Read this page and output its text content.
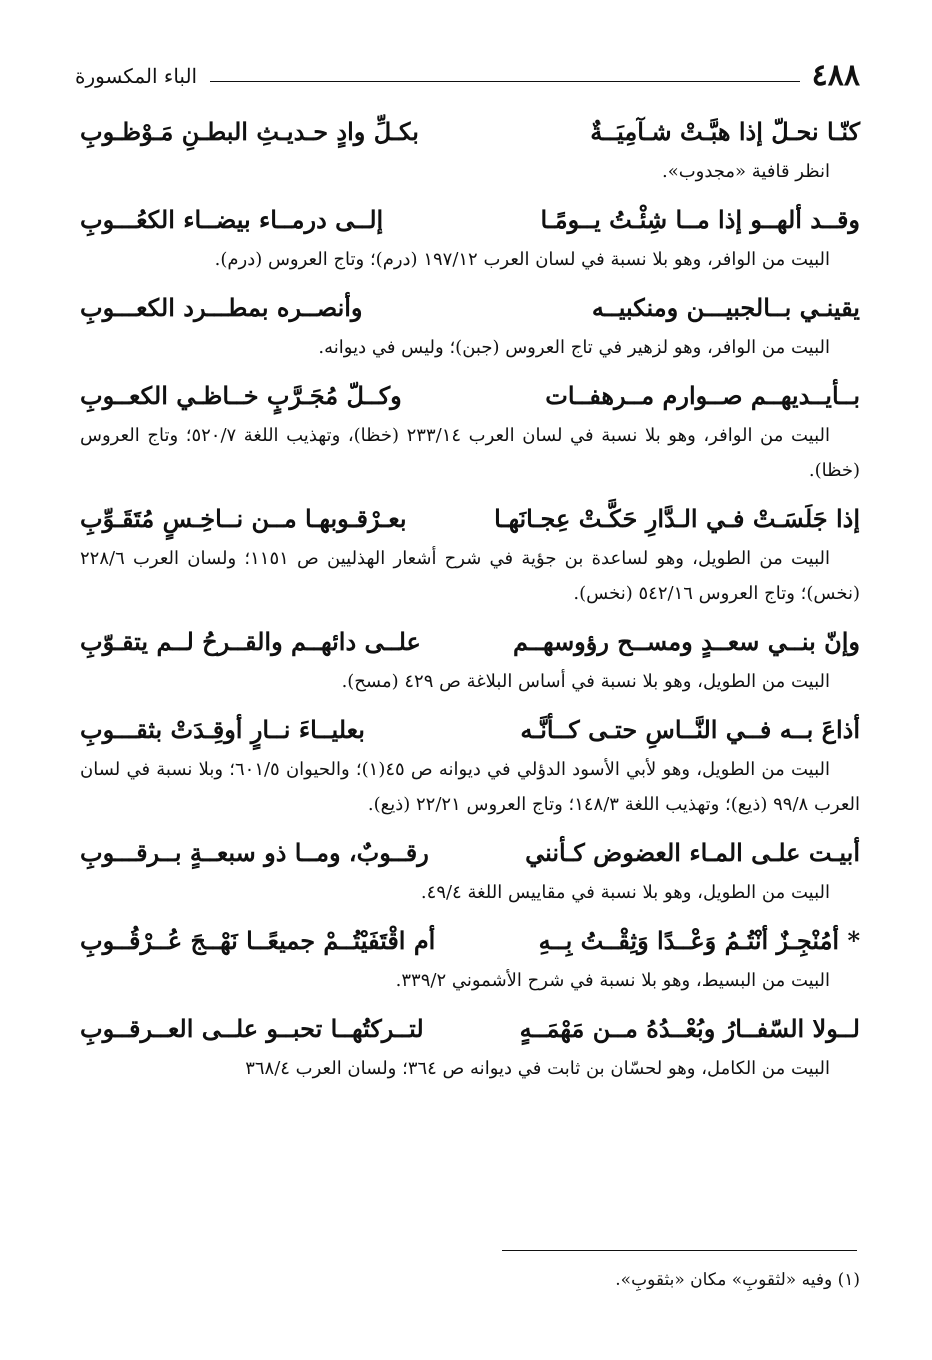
٤٨٨
الباء المكسورة
كنّـا نحـلّ إذا هبَّـتْ شـآمِيَــةٌ
بكـلِّ وادٍ حـديـثِ البطـنِ مَـوْظـوبِ

انظر قافية «مجدوب».

وقــد ألهــو إذا مــا شِئْـتُ يــومًـا
إلــى درمــاء بيضــاء الكعُـــوبِ

البيت من الوافر، وهو بلا نسبة في لسان العرب ١٩٧/١٢ (درم)؛ وتاج العروس (درم).

يقينـي بــالجبيـــن ومنكبيــه
وأنصــره بمطـــرد الكعـــوبِ

البيت من الوافر، وهو لزهير في تاج العروس (جبن)؛ وليس في ديوانه.

بــأيــديهــم صــوارم مــرهفــات
وكــلّ مُجَـرَّبٍ خــاظـي الكعــوبِ

البيت من الوافر، وهو بلا نسبة في لسان العرب ٢٣٣/١٤ (خظا)، وتهذيب اللغة ٥٢٠/٧؛ وتاج العروس (خظا).

إذا جَلَسَـتْ فـي الـدَّارِ حَكَّـتْ عِجـانَهـا
بعـرْقـوبهـا مــن نــاخِـسٍ مُتَقَـوِّبِ

البيت من الطويل، وهو لساعدة بن جؤية في شرح أشعار الهذليين ص ١١٥١؛ ولسان العرب ٢٢٨/٦ (نخس)؛ وتاج العروس ٥٤٢/١٦ (نخس).

وإنّ بنــي سعــدٍ ومســح رؤوسهــم
علــى دائهــم والقــرحُ لــم يتقـوّبِ

البيت من الطويل، وهو بلا نسبة في أساس البلاغة ص ٤٢٩ (مسح).

أذاعَ بــه فــي النَّــاسِ حتـى كــأنَّـه
بعليــاءَ نــارٍ أوقِـدَتْ بثقـــوبِ

البيت من الطويل، وهو لأبي الأسود الدؤلي في ديوانه ص ٤٥(١)؛ والحيوان ٦٠١/٥؛ وبلا نسبة في لسان العرب ٩٩/٨ (ذيع)؛ وتهذيب اللغة ١٤٨/٣؛ وتاج العروس ٢٢/٢١ (ذيع).

أبيـت علـى المـاء العضوض كـأنني
رقــوبٌ، ومــا ذو سبعــةٍ بــرقـــوبِ

البيت من الطويل، وهو بلا نسبة في مقاييس اللغة ٤٩/٤.

* أمُنْجِـزٌ أنْتُـمُ وَعْــدًا وَثِقْــتُ بِــهِ
أم اقْتَفَيْتُــمْ جميعًــا نَهْــجَ عُــرْقُــوبِ

البيت من البسيط، وهو بلا نسبة في شرح الأشموني ٣٣٩/٢.

لــولا السّفــارُ وبُعْــدُهُ مــن مَهْمَــهٍ
لتــركتُهــا تحبــو علــى العــرقــوبِ

البيت من الكامل، وهو لحسّان بن ثابت في ديوانه ص ٣٦٤؛ ولسان العرب ٣٦٨/٤

(١) وفيه «لثقوبِ» مكان «بثقوبِ».
